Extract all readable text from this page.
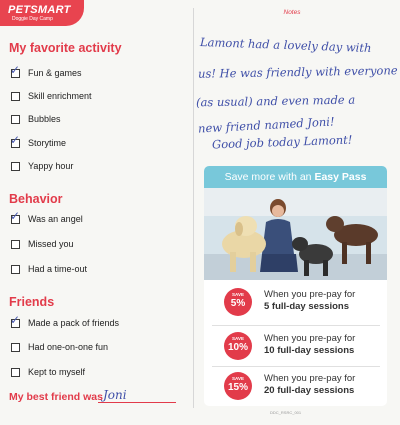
PETSMART
Doggie Day Camp
My favorite activity
✓ Fun & games
Skill enrichment
Bubbles
✓ Storytime
Yappy hour
Behavior
✓ Was an angel
Missed you
Had a time-out
Friends
✓ Made a pack of friends
Had one-on-one fun
Kept to myself
My best friend was Joni
Notes
Lamont had a lovely day with
us! He was friendly with everyone
(as usual) and even made a
new friend named Joni!
Good job today Lamont!
Save more with an Easy Pass
SAVE
5%
When you pre-pay for
5 full-day sessions
SAVE
10%
When you pre-pay for
10 full-day sessions
SAVE
15%
When you pre-pay for
20 full-day sessions
DDC_RSRC_001
